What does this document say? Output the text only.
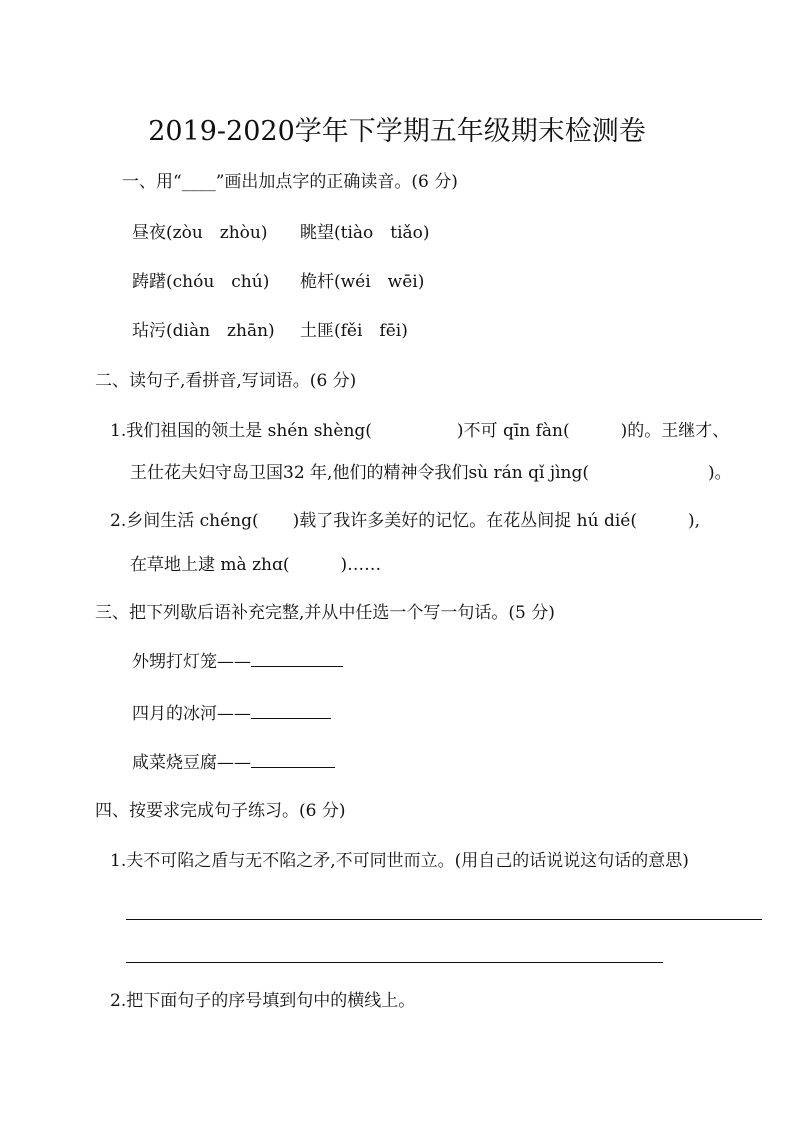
2019-2020学年下学期五年级期末检测卷
一、用“____”画出加点字的正确读音。(6 分)
昼夜(zòu　zhòu) 眺望(tiào　tiǎo)
踌躇(chóu　chú) 桅杆(wéi　wēi)
玷污(diàn　zhān) 土匪(fěi　fēi)
二、读句子,看拼音,写词语。(6 分)
1.我们祖国的领土是 shén shèng(　　　　　)不可 qīn fàn(　　　)的。王继才、
王仕花夫妇守岛卫国32 年,他们的精神令我们sù rán qǐ jìng(　　　　　　　)。
2.乡间生活 chéng(　　)载了我许多美好的记忆。在花丛间捉 hú dié(　　　),
在草地上逮 mà zhɑ(　　　)……
三、把下列歇后语补充完整,并从中任选一个写一句话。(5 分)
外甥打灯笼——
四月的冰河——
咸菜烧豆腐——
四、按要求完成句子练习。(6 分)
1.夫不可陷之盾与无不陷之矛,不可同世而立。(用自己的话说说这句话的意思)
2.把下面句子的序号填到句中的横线上。
